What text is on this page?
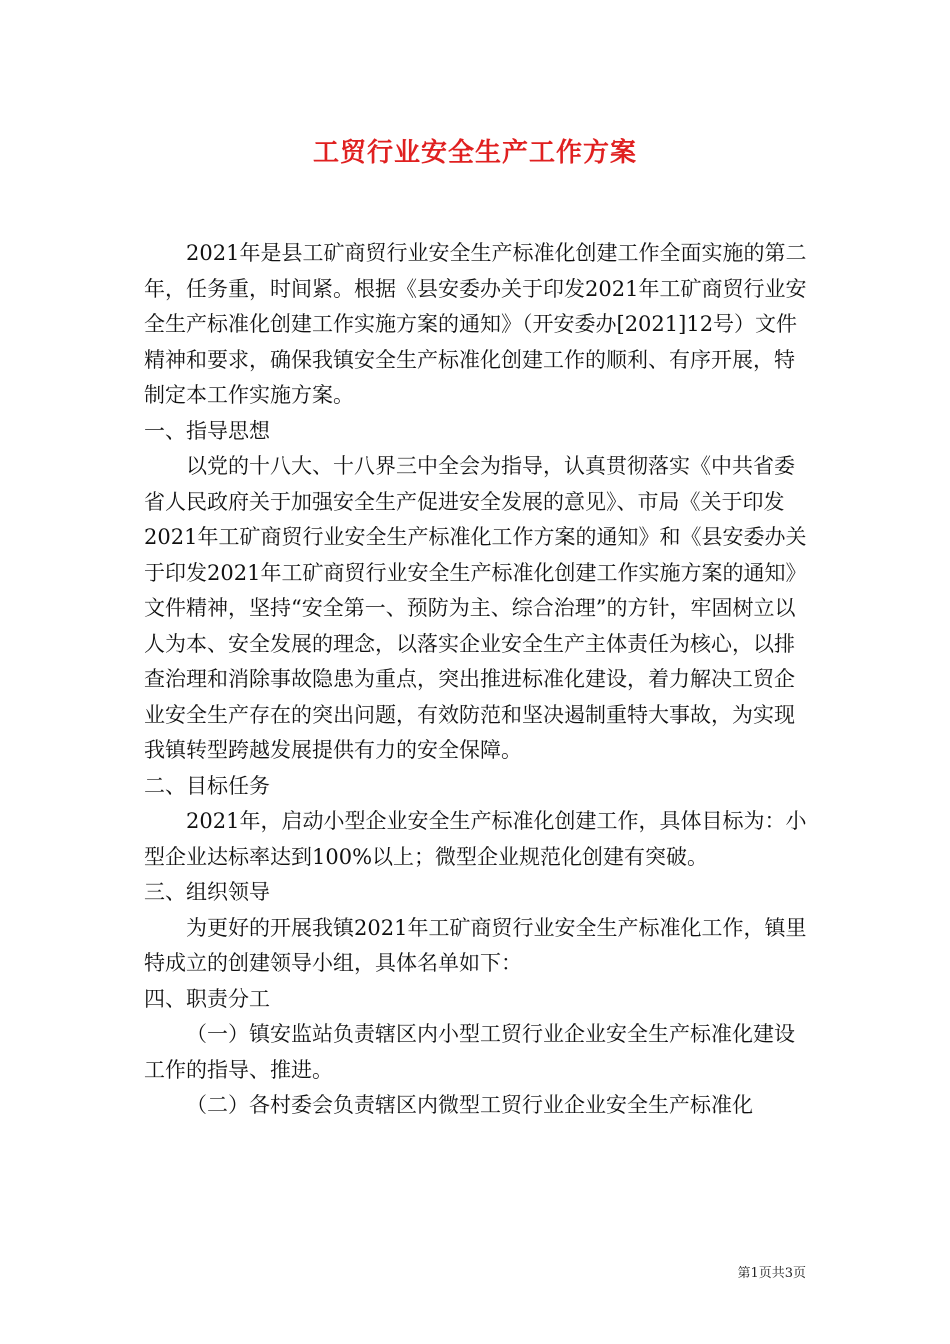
工贸行业安全生产工作方案

2021年是县工矿商贸行业安全生产标准化创建工作全面实施的第二年，任务重，时间紧。根据《县安委办关于印发2021年工矿商贸行业安全生产标准化创建工作实施方案的通知》（开安委办[2021]12号）文件精神和要求，确保我镇安全生产标准化创建工作的顺利、有序开展，特制定本工作实施方案。

一、指导思想

以党的十八大、十八界三中全会为指导，认真贯彻落实《中共省委省人民政府关于加强安全生产促进安全发展的意见》、市局《关于印发2021年工矿商贸行业安全生产标准化工作方案的通知》和《县安委办关于印发2021年工矿商贸行业安全生产标准化创建工作实施方案的通知》文件精神，坚持“安全第一、预防为主、综合治理”的方针，牢固树立以人为本、安全发展的理念，以落实企业安全生产主体责任为核心，以排查治理和消除事故隐患为重点，突出推进标准化建设，着力解决工贸企业安全生产存在的突出问题，有效防范和坚决遏制重特大事故，为实现我镇转型跨越发展提供有力的安全保障。

二、目标任务

2021年，启动小型企业安全生产标准化创建工作，具体目标为：小型企业达标率达到100%以上；微型企业规范化创建有突破。

三、组织领导

为更好的开展我镇2021年工矿商贸行业安全生产标准化工作，镇里特成立的创建领导小组，具体名单如下：

四、职责分工

（一）镇安监站负责辖区内小型工贸行业企业安全生产标准化建设工作的指导、推进。

（二）各村委会负责辖区内微型工贸行业企业安全生产标准化

第1页共3页
